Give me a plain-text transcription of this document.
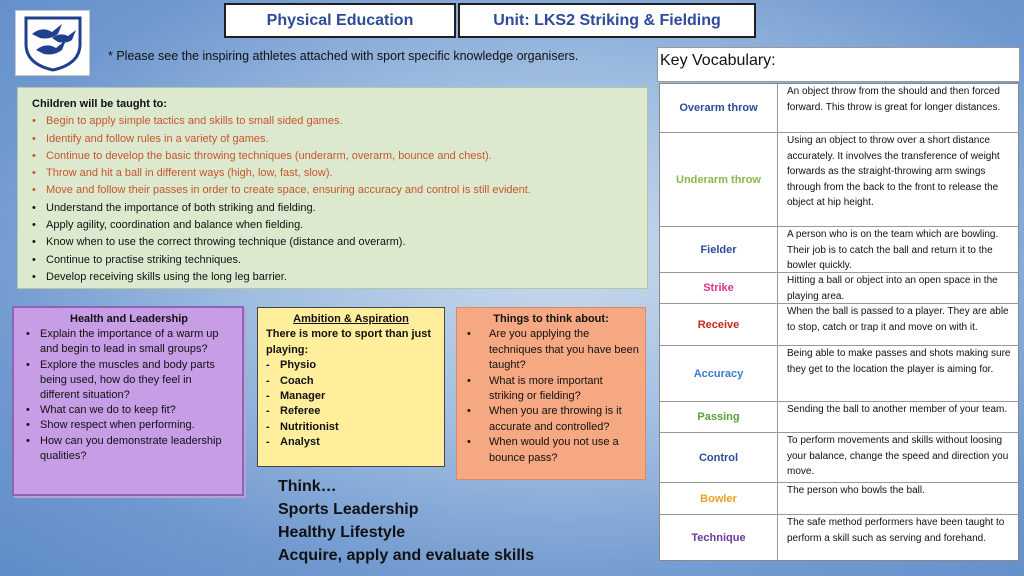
Physical Education	Unit: LKS2 Striking & Fielding
* Please see the inspiring athletes attached with sport specific knowledge organisers.
Children will be taught to:
• Begin to apply simple tactics and skills to small sided games.
• Identify and follow rules in a variety of games.
• Continue to develop the basic throwing techniques (underarm, overarm, bounce and chest).
• Throw and hit a ball in different ways (high, low, fast, slow).
• Move and follow their passes in order to create space, ensuring accuracy and control is still evident.
• Understand the importance of both striking and fielding.
• Apply agility, coordination and balance when fielding.
• Know when to use the correct throwing technique (distance and overarm).
• Continue to practise striking techniques.
• Develop receiving skills using the long leg barrier.
Health and Leadership
• Explain the importance of a warm up and begin to lead in small groups?
• Explore the muscles and body parts being used, how do they feel in different situation?
• What can we do to keep fit?
• Show respect when performing.
• How can you demonstrate leadership qualities?
Ambition & Aspiration
There is more to sport than just playing:
- Physio
- Coach
- Manager
- Referee
- Nutritionist
- Analyst
Things to think about:
• Are you applying the techniques that you have been taught?
• What is more important striking or fielding?
• When you are throwing is it accurate and controlled?
• When would you not use a bounce pass?
Think…
Sports Leadership
Healthy Lifestyle
Acquire, apply and evaluate skills
Key Vocabulary:
Overarm throw
An object throw from the should and then forced forward. This throw is great for longer distances.
Underarm throw
Using an object to throw over a short distance accurately. It involves the transference of weight forwards as the straight-throwing arm swings through from the back to the front to release the object at hip height.
Fielder
A person who is on the team which are bowling. Their job is to catch the ball and return it to the bowler quickly.
Strike
Hitting a ball or object into an open space in the playing area.
Receive
When the ball is passed to a player. They are able to stop, catch or trap it and move on with it.
Accuracy
Being able to make passes and shots making sure they get to the location the player is aiming for.
Passing
Sending the ball to another member of your team.
Control
To perform movements and skills without loosing your balance, change the speed and direction you move.
Bowler
The person who bowls the ball.
Technique
The safe method performers have been taught to perform a skill such as serving and forehand.
